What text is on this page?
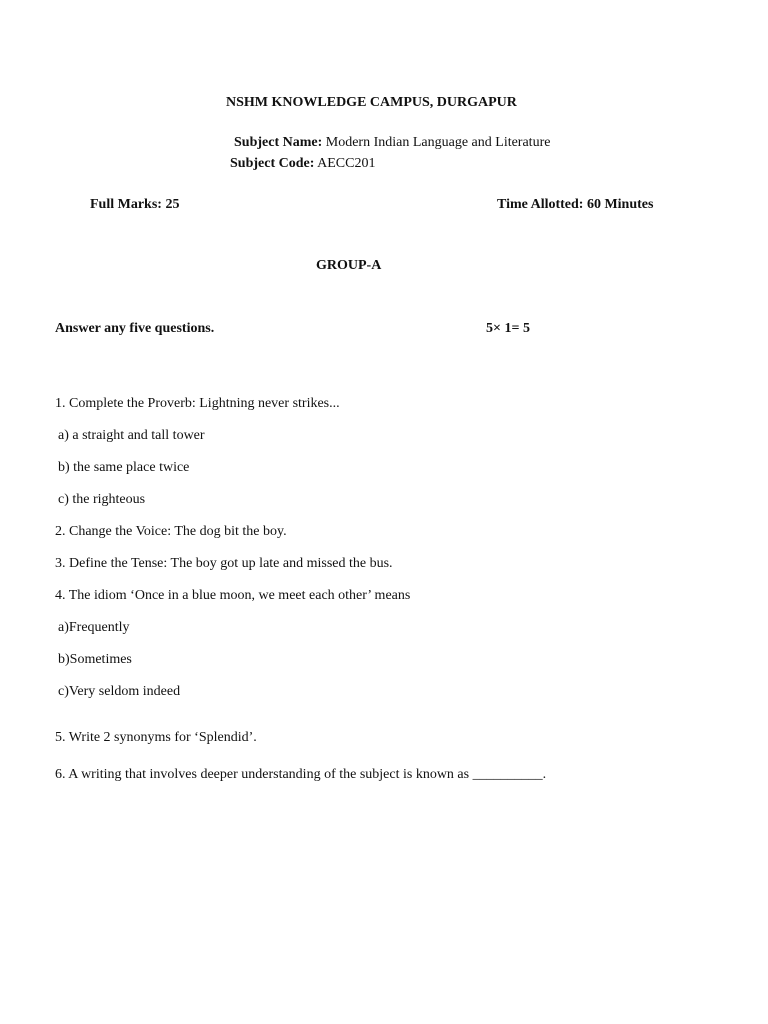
NSHM KNOWLEDGE CAMPUS, DURGAPUR
Subject Name: Modern Indian Language and Literature
Subject Code: AECC201
Full Marks: 25	Time Allotted: 60 Minutes
GROUP-A
Answer any five questions.	5× 1= 5
1. Complete the Proverb: Lightning never strikes...
a) a straight and tall tower
b) the same place twice
c) the righteous
2. Change the Voice: The dog bit the boy.
3. Define the Tense: The boy got up late and missed the bus.
4. The idiom ‘Once in a blue moon, we meet each other’ means
a)Frequently
b)Sometimes
c)Very seldom indeed
5. Write 2 synonyms for ‘Splendid’.
6. A writing that involves deeper understanding of the subject is known as __________.
